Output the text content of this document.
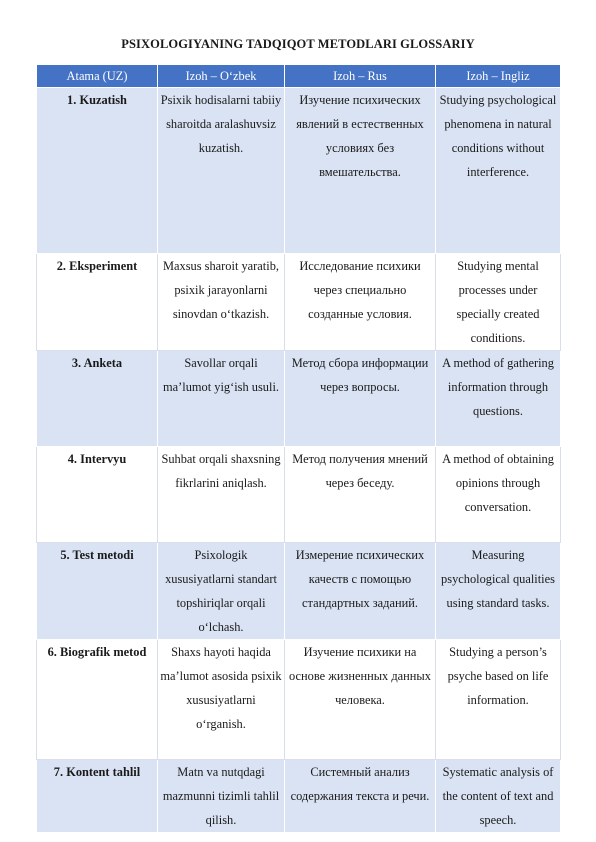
PSIXOLOGIYANING TADQIQOT METODLARI GLOSSARIY
Atama (UZ)	Izoh – O‘zbek	Izoh – Rus	Izoh – Ingliz
1. Kuzatish	Psixik hodisalarni tabiiy sharoitda aralashuvsiz kuzatish.	Изучение психических явлений в естественных условиях без вмешательства.	Studying psychological phenomena in natural conditions without interference.
2. Eksperiment	Maxsus sharoit yaratib, psixik jarayonlarni sinovdan o‘tkazish.	Исследование психики через специально созданные условия.	Studying mental processes under specially created conditions.
3. Anketa	Savollar orqali ma’lumot yig‘ish usuli.	Метод сбора информации через вопросы.	A method of gathering information through questions.
4. Intervyu	Suhbat orqali shaxsning fikrlarini aniqlash.	Метод получения мнений через беседу.	A method of obtaining opinions through conversation.
5. Test metodi	Psixologik xususiyatlarni standart topshiriqlar orqali o‘lchash.	Измерение психических качеств с помощью стандартных заданий.	Measuring psychological qualities using standard tasks.
6. Biografik metod	Shaxs hayoti haqida ma’lumot asosida psixik xususiyatlarni o‘rganish.	Изучение психики на основе жизненных данных человека.	Studying a person’s psyche based on life information.
7. Kontent tahlil	Matn va nutqdagi mazmunni tizimli tahlil qilish.	Системный анализ содержания текста и речи.	Systematic analysis of the content of text and speech.
